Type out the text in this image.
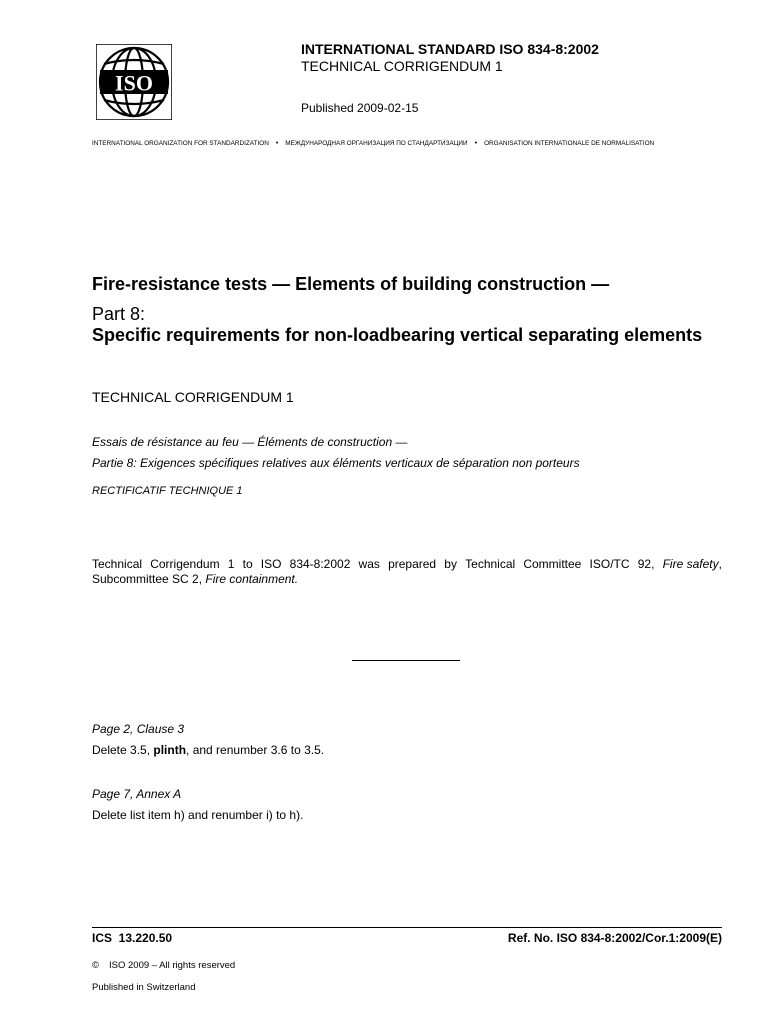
ISO
INTERNATIONAL STANDARD ISO 834-8:2002
TECHNICAL CORRIGENDUM 1
Published 2009-02-15
INTERNATIONAL ORGANIZATION FOR STANDARDIZATION • МЕЖДУНАРОДНАЯ ОРГАНИЗАЦИЯ ПО СТАНДАРТИЗАЦИИ • ORGANISATION INTERNATIONALE DE NORMALISATION
Fire-resistance tests — Elements of building construction —
Part 8:
Specific requirements for non-loadbearing vertical separating elements
TECHNICAL CORRIGENDUM 1
Essais de résistance au feu — Éléments de construction —
Partie 8: Exigences spécifiques relatives aux éléments verticaux de séparation non porteurs
RECTIFICATIF TECHNIQUE 1
Technical Corrigendum 1 to ISO 834-8:2002 was prepared by Technical Committee ISO/TC 92, Fire safety,
Subcommittee SC 2, Fire containment.
Page 2, Clause 3
Delete 3.5, plinth, and renumber 3.6 to 3.5.
Page 7, Annex A
Delete list item h) and renumber i) to h).
ICS  13.220.50	Ref. No. ISO 834-8:2002/Cor.1:2009(E)
© ISO 2009 – All rights reserved
Published in Switzerland
